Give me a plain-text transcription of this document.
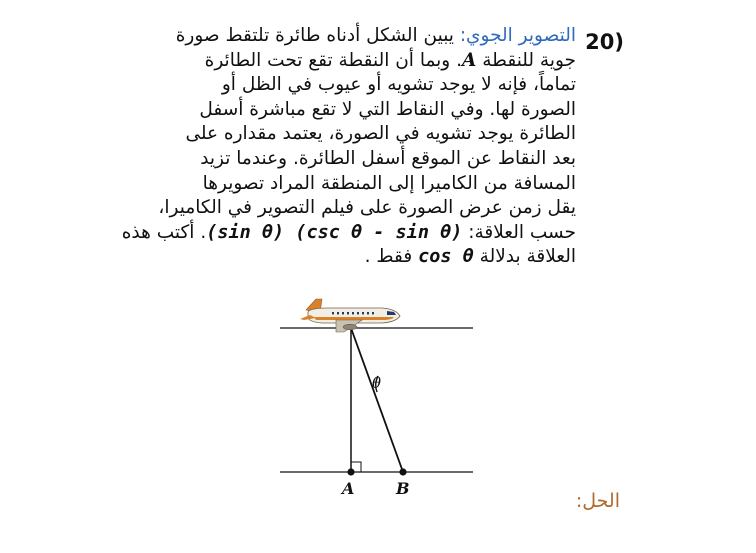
20)
التصوير الجوي: يبين الشكل أدناه طائرة تلتقط صورة
جوية للنقطة A. وبما أن النقطة تقع تحت الطائرة
تماماً، فإنه لا يوجد تشويه أو عيوب في الظل أو
الصورة لها. وفي النقاط التي لا تقع مباشرة أسفل
الطائرة يوجد تشويه في الصورة، يعتمد مقداره على
بعد النقاط عن الموقع أسفل الطائرة. وعندما تزيد
المسافة من الكاميرا إلى المنطقة المراد تصويرها
يقل زمن عرض الصورة على فيلم التصوير في الكاميرا،
حسب العلاقة: (sin θ) (csc θ - sin θ). أكتب هذه
العلاقة بدلالة cos θ فقط .
A	B
θ
الحل:
